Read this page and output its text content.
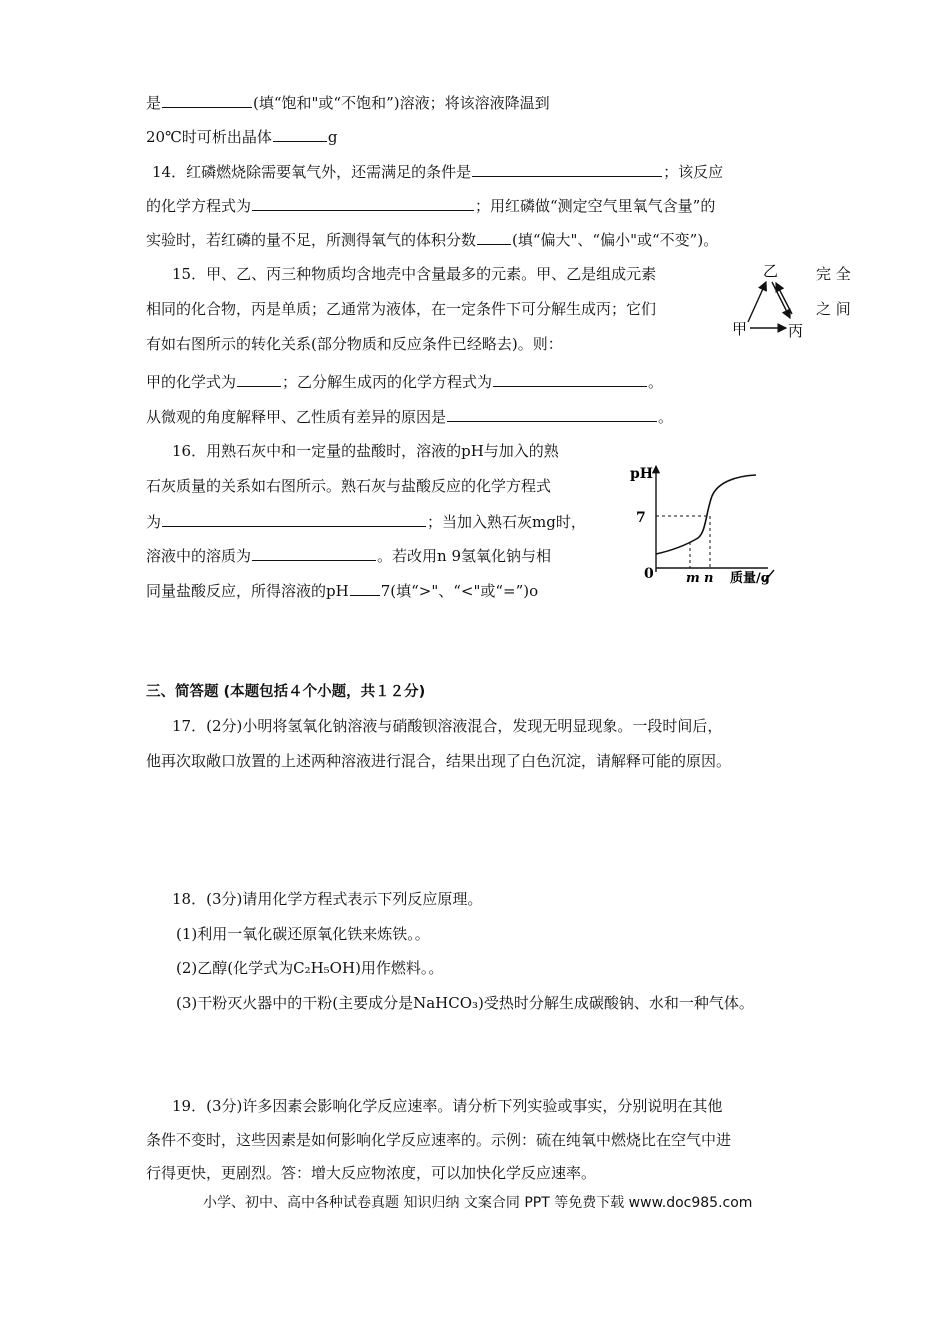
是	(填“饱和"或“不饱和”)溶液；将该溶液降温到
20℃时可析出晶体	g
14．红磷燃烧除需要氧气外，还需满足的条件是	；该反应
的化学方程式为	；用红磷做“测定空气里氧气含量”的
实验时，若红磷的量不足，所测得氧气的体积分数 (填“偏大"、“偏小"或“不变”)。
15．甲、乙、丙三种物质均含地壳中含量最多的元素。甲、乙是组成元素	完 全
相同的化合物，丙是单质；乙通常为液体，在一定条件下可分解生成丙；它们	之 间
有如右图所示的转化关系(部分物质和反应条件已经略去)。则：
甲的化学式为	；乙分解生成丙的化学方程式为	。
从微观的角度解释甲、乙性质有差异的原因是	。
乙
甲	丙
16．用熟石灰中和一定量的盐酸时，溶液的pH与加入的熟
石灰质量的关系如右图所示。熟石灰与盐酸反应的化学方程式
为	；当加入熟石灰mg时，
溶液中的溶质为	。若改用n 9氢氧化钠与相
同量盐酸反应，所得溶液的pH 7(填“>"、“<"或“=”)o
pH
7
0 m n 质量/g
三、简答题 (本题包括４个小题，共１２分)
17．(2分)小明将氢氧化钠溶液与硝酸钡溶液混合，发现无明显现象。一段时间后，
他再次取敞口放置的上述两种溶液进行混合，结果出现了白色沉淀，请解释可能的原因。
18．(3分)请用化学方程式表示下列反应原理。
(1)利用一氧化碳还原氧化铁来炼铁。。
(2)乙醇(化学式为C₂H₅OH)用作燃料。。
(3)干粉灭火器中的干粉(主要成分是NaHCO₃)受热时分解生成碳酸钠、水和一种气体。
19．(3分)许多因素会影响化学反应速率。请分析下列实验或事实，分别说明在其他
条件不变时，这些因素是如何影响化学反应速率的。示例：硫在纯氧中燃烧比在空气中进
行得更快，更剧烈。答：增大反应物浓度，可以加快化学反应速率。
小学、初中、高中各种试卷真题 知识归纳 文案合同 PPT 等免费下载 www.doc985.com
